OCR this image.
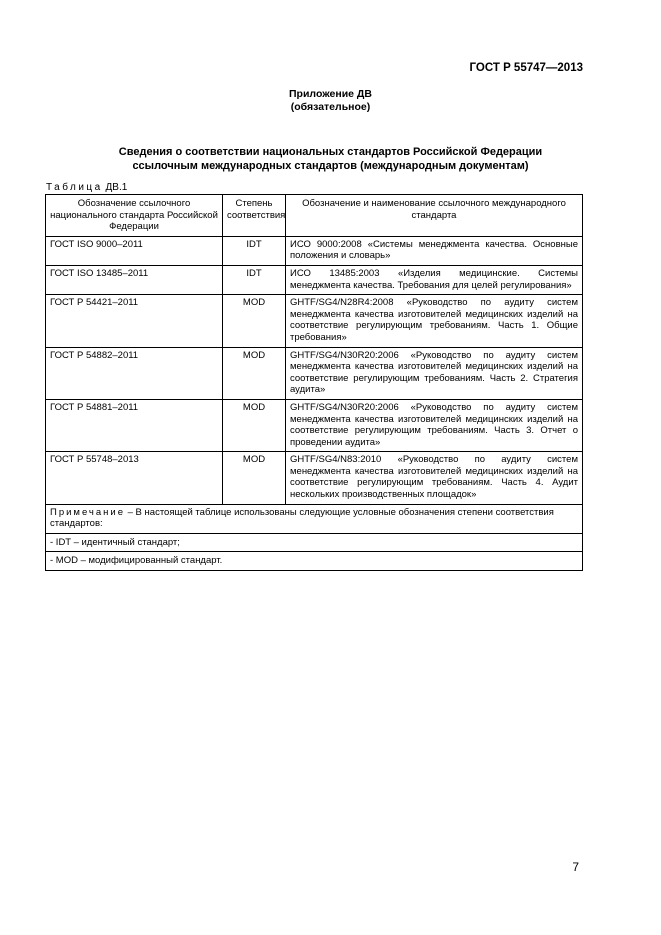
ГОСТ Р 55747—2013
Приложение ДВ
(обязательное)
Сведения о соответствии национальных стандартов Российской Федерации
ссылочным международных стандартов (международным документам)
Таблица ДВ.1
Обозначение ссылочного национального стандарта Российской Федерации	Степень соответствия	Обозначение и наименование ссылочного международного стандарта
ГОСТ ISO 9000–2011	IDT	ИСО 9000:2008 «Системы менеджмента качества. Основные положения и словарь»
ГОСТ ISO 13485–2011	IDT	ИСО 13485:2003 «Изделия медицинские. Системы менеджмента качества. Требования для целей регулирования»
ГОСТ Р 54421–2011	MOD	GHTF/SG4/N28R4:2008 «Руководство по аудиту систем менеджмента качества изготовителей медицинских изделий на соответствие регулирующим требованиям. Часть 1. Общие требования»
ГОСТ Р 54882–2011	MOD	GHTF/SG4/N30R20:2006 «Руководство по аудиту систем менеджмента качества изготовителей медицинских изделий на соответствие регулирующим требованиям. Часть 2. Стратегия аудита»
ГОСТ Р 54881–2011	MOD	GHTF/SG4/N30R20:2006 «Руководство по аудиту систем менеджмента качества изготовителей медицинских изделий на соответствие регулирующим требованиям. Часть 3. Отчет о проведении аудита»
ГОСТ Р 55748–2013	MOD	GHTF/SG4/N83:2010 «Руководство по аудиту систем менеджмента качества изготовителей медицинских изделий на соответствие регулирующим требованиям. Часть 4. Аудит нескольких производственных площадок»

Примечание – В настоящей таблице использованы следующие условные обозначения степени соответствия стандартов:
- IDT – идентичный стандарт;
- MOD – модифицированный стандарт.		
7
